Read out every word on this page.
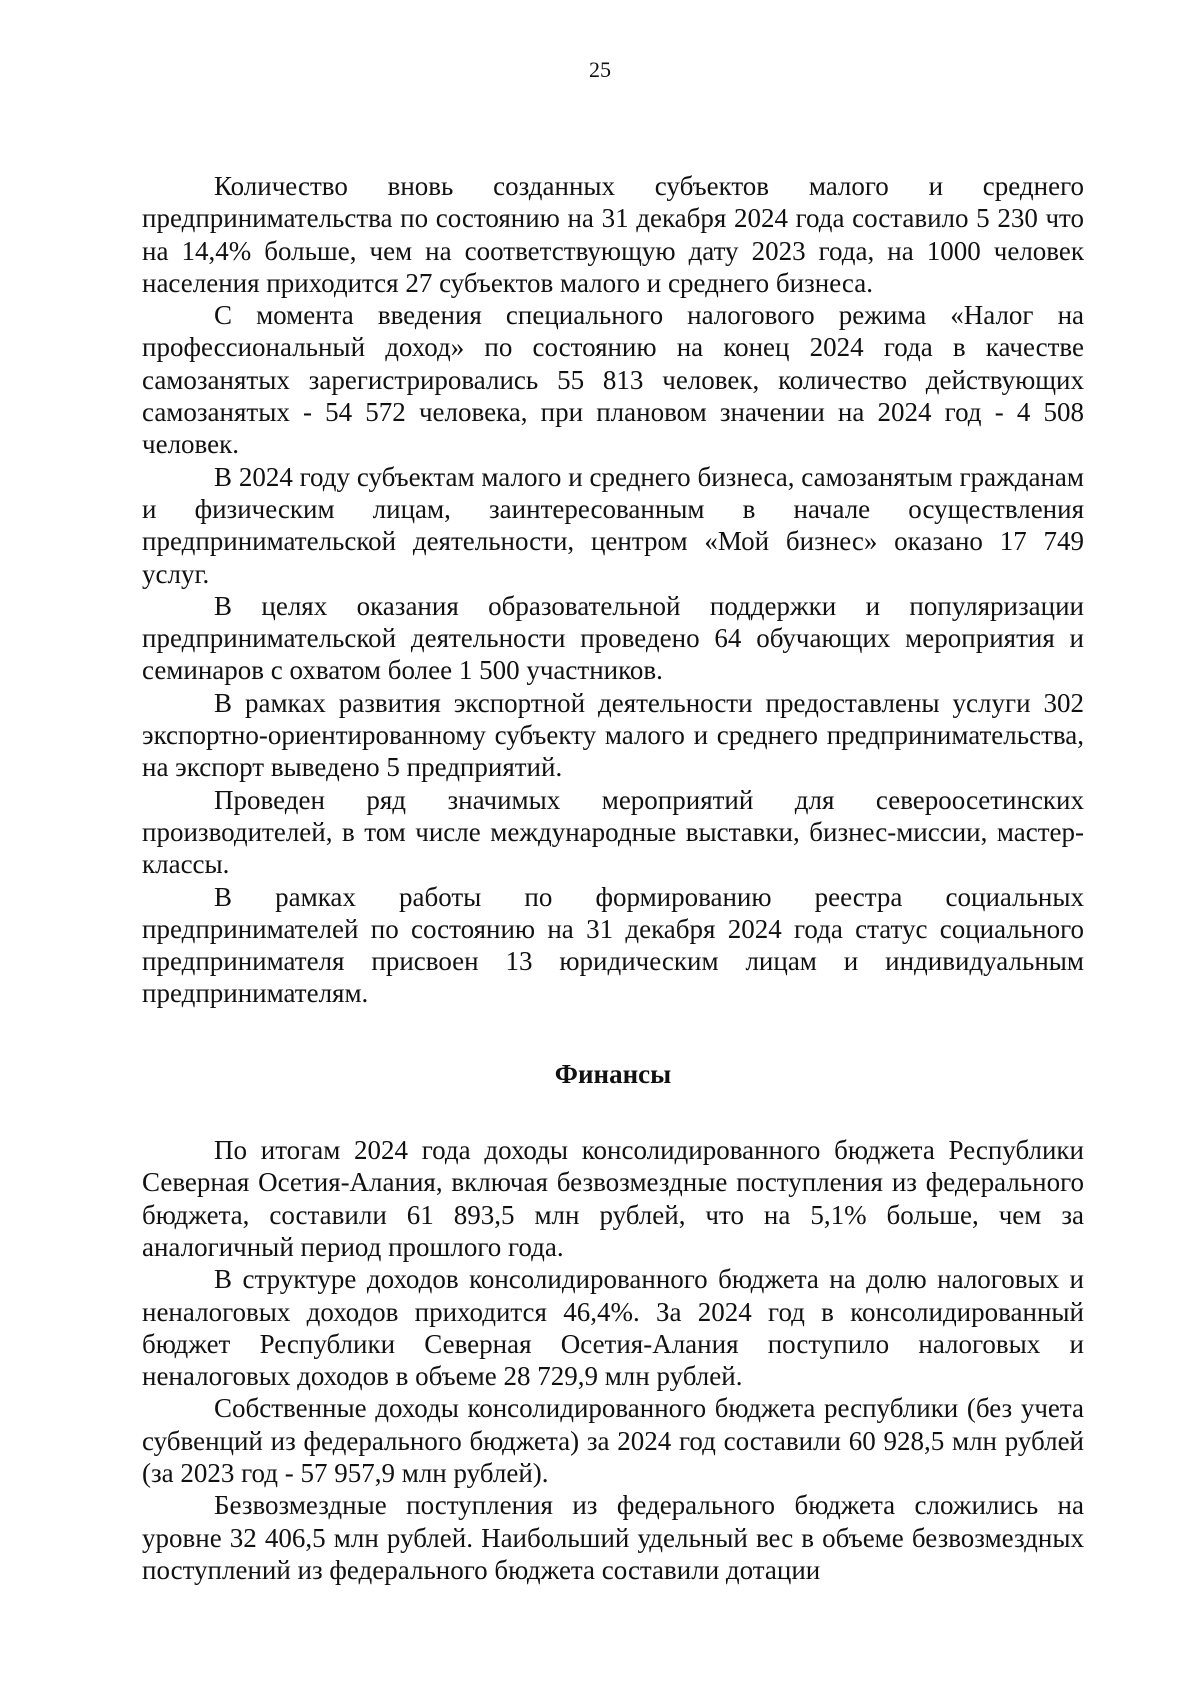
25

Количество вновь созданных субъектов малого и среднего предпринимательства по состоянию на 31 декабря 2024 года составило 5 230 что на 14,4% больше, чем на соответствующую дату 2023 года, на 1000 человек населения приходится 27 субъектов малого и среднего бизнеса.

С момента введения специального налогового режима «Налог на профессиональный доход» по состоянию на конец 2024 года в качестве самозанятых зарегистрировались 55 813 человек, количество действующих самозанятых - 54 572 человека, при плановом значении на 2024 год - 4 508 человек.

В 2024 году субъектам малого и среднего бизнеса, самозанятым гражданам и физическим лицам, заинтересованным в начале осуществления предпринимательской деятельности, центром «Мой бизнес» оказано 17 749 услуг.

В целях оказания образовательной поддержки и популяризации предпринимательской деятельности проведено 64 обучающих мероприятия и семинаров с охватом более 1 500 участников.

В рамках развития экспортной деятельности предоставлены услуги 302 экспортно-ориентированному субъекту малого и среднего предпринимательства, на экспорт выведено 5 предприятий.

Проведен ряд значимых мероприятий для североосетинских производителей, в том числе международные выставки, бизнес-миссии, мастер-классы.

В рамках работы по формированию реестра социальных предпринимателей по состоянию на 31 декабря 2024 года статус социального предпринимателя присвоен 13 юридическим лицам и индивидуальным предпринимателям.

Финансы

По итогам 2024 года доходы консолидированного бюджета Республики Северная Осетия-Алания, включая безвозмездные поступления из федерального бюджета, составили 61 893,5 млн рублей, что на 5,1% больше, чем за аналогичный период прошлого года.

В структуре доходов консолидированного бюджета на долю налоговых и неналоговых доходов приходится 46,4%. За 2024 год в консолидированный бюджет Республики Северная Осетия-Алания поступило налоговых и неналоговых доходов в объеме 28 729,9 млн рублей.

Собственные доходы консолидированного бюджета республики (без учета субвенций из федерального бюджета) за 2024 год составили 60 928,5 млн рублей (за 2023 год - 57 957,9 млн рублей).

Безвозмездные поступления из федерального бюджета сложились на уровне 32 406,5 млн рублей. Наибольший удельный вес в объеме безвозмездных поступлений из федерального бюджета составили дотации
